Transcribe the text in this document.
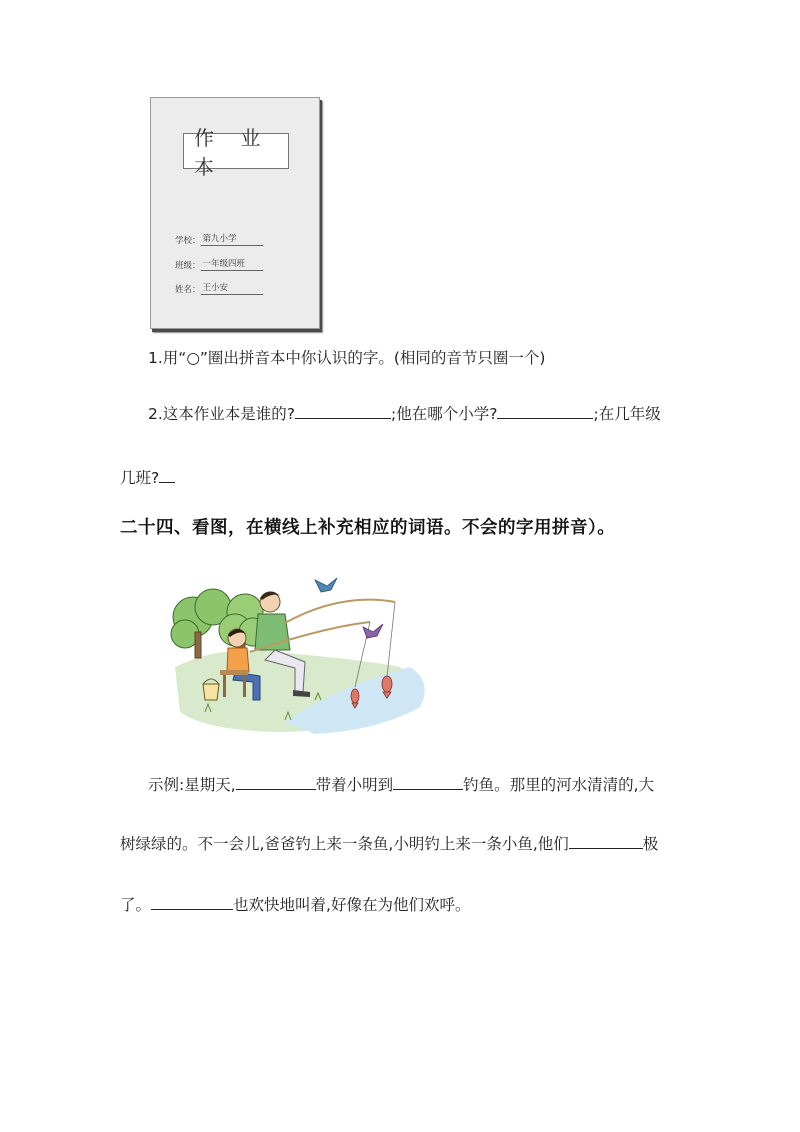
作 业 本
学校： 第九小学
班级： 一年级四班
姓名： 王小安
1.用“○”圈出拼音本中你认识的字。(相同的音节只圈一个)
2.这本作业本是谁的?	;他在哪个小学?	;在几年级
几班?
二十四、看图，在横线上补充相应的词语。不会的字用拼音）。
示例:星期天,	带着小明到	钓鱼。那里的河水清清的,大
树绿绿的。不一会儿,爸爸钓上来一条鱼,小明钓上来一条小鱼,他们	极
了。	也欢快地叫着,好像在为他们欢呼。
